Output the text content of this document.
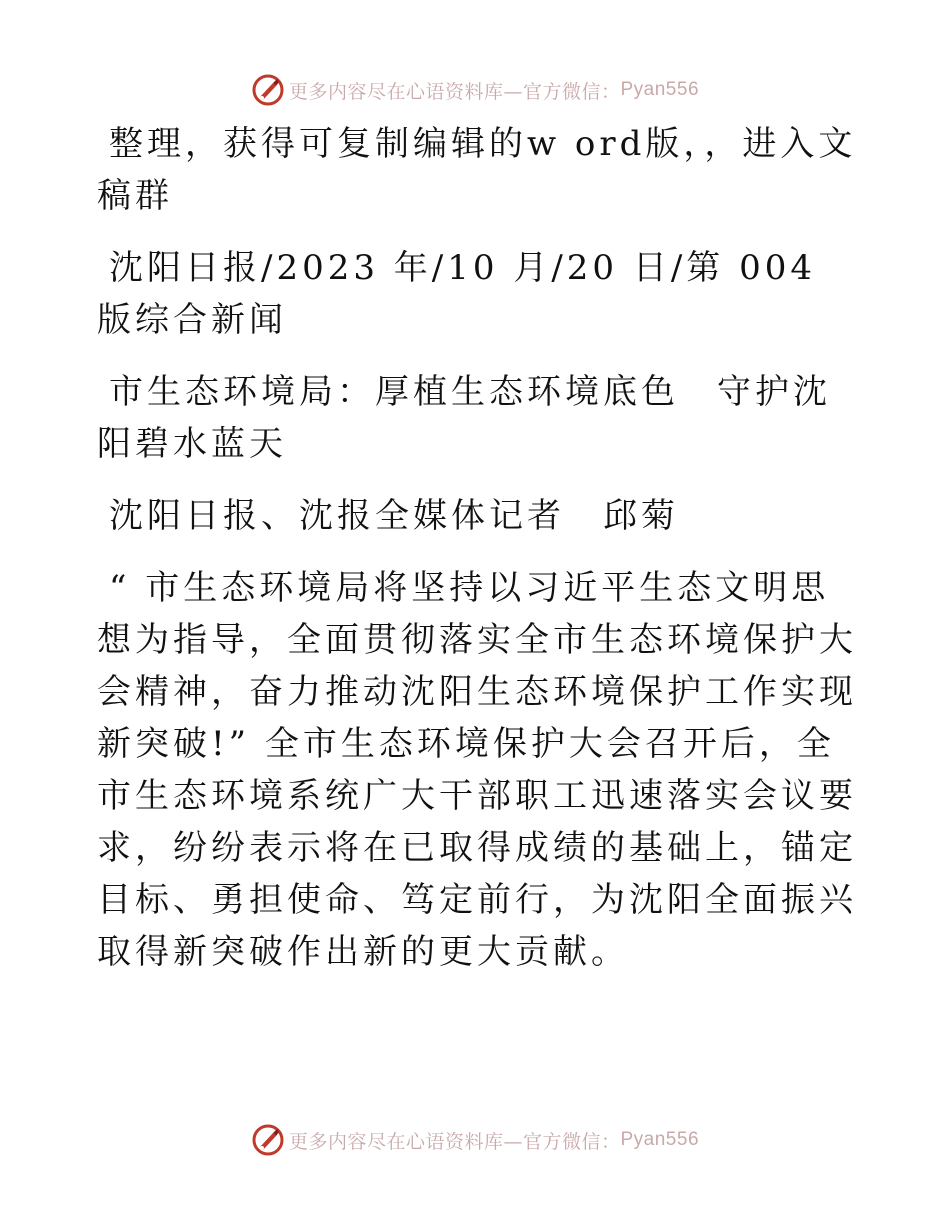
更多内容尽在心语资料库—官方微信： Pyan556

整理，获得可复制编辑的w ord版，，进入文稿群

沈阳日报/2023 年/10 月/20 日/第 004 版综合新闻

市生态环境局：厚植生态环境底色　守护沈阳碧水蓝天

沈阳日报、沈报全媒体记者　邱菊

“ 市生态环境局将坚持以习近平生态文明思想为指导，全面贯彻落实全市生态环境保护大会精神，奋力推动沈阳生态环境保护工作实现新突破!” 全市生态环境保护大会召开后，全市生态环境系统广大干部职工迅速落实会议要求，纷纷表示将在已取得成绩的基础上，锚定目标、勇担使命、笃定前行，为沈阳全面振兴取得新突破作出新的更大贡献。

更多内容尽在心语资料库—官方微信： Pyan556
